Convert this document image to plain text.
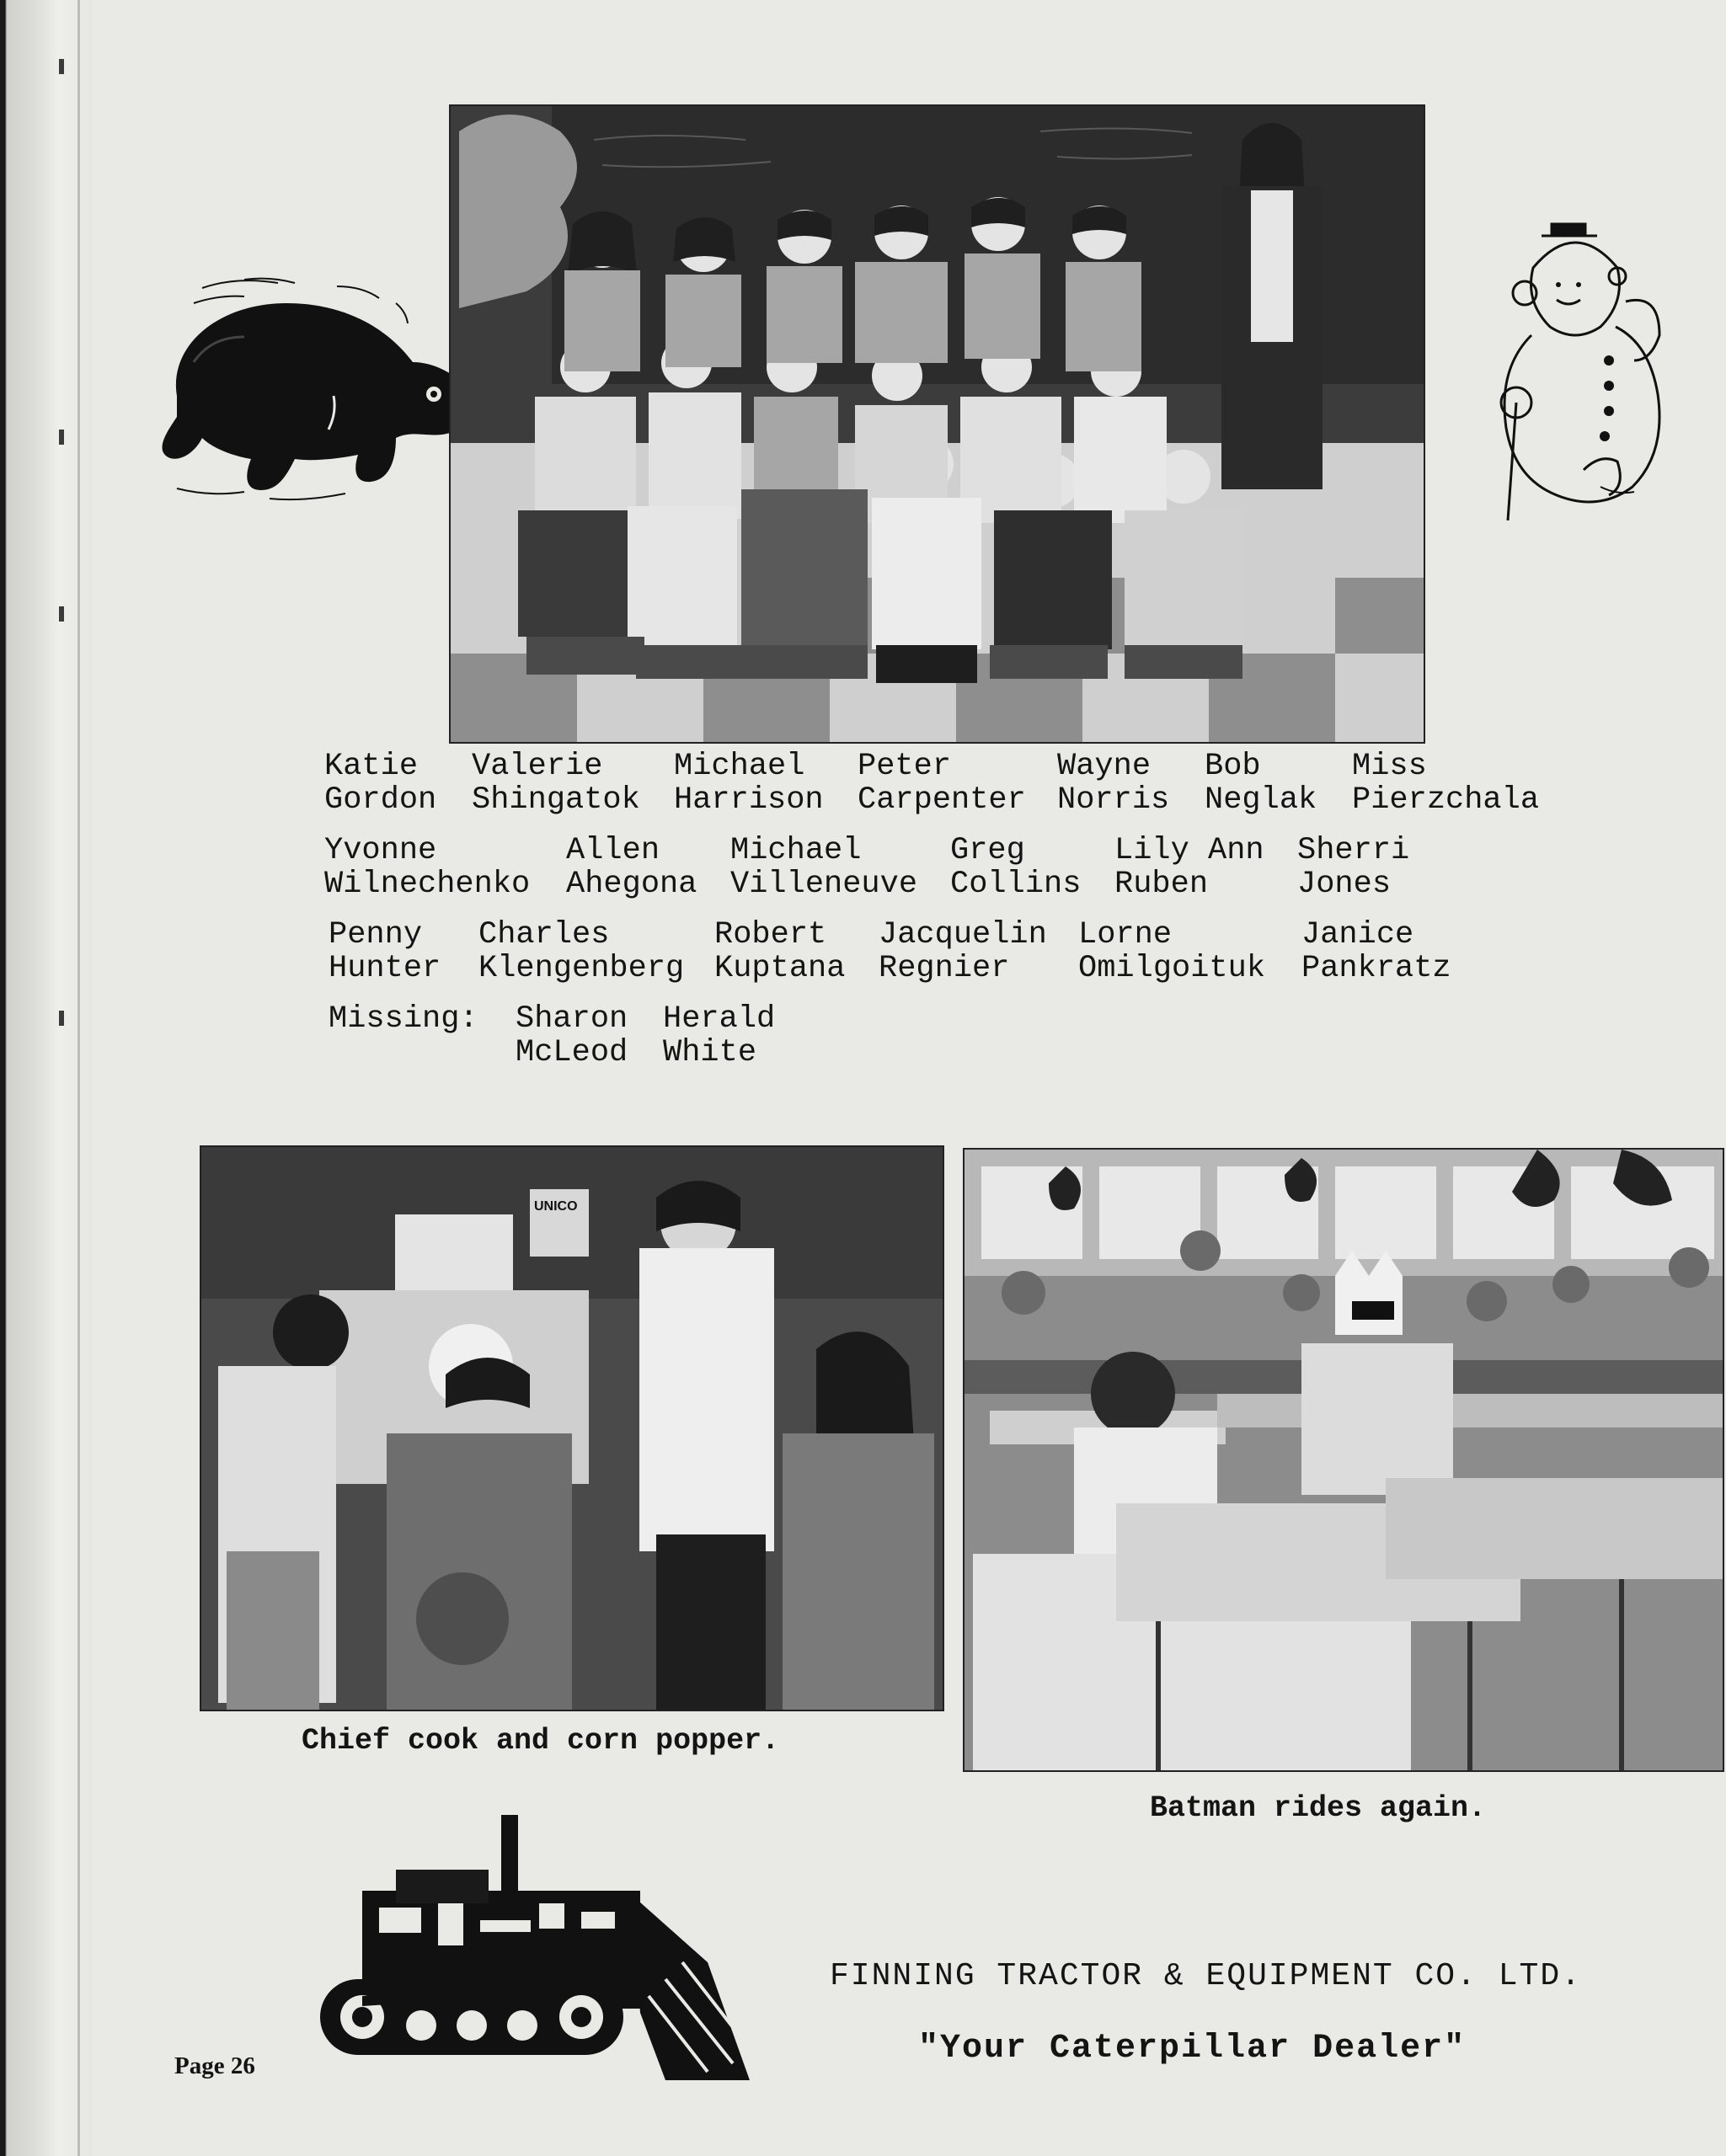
Katie
Gordon
Valerie
Shingatok
Michael
Harrison
Peter
Carpenter
Wayne
Norris
Bob
Neglak
Miss
Pierzchala
Yvonne
Wilnechenko
Allen
Ahegona
Michael
Villeneuve
Greg
Collins
Lily Ann
Ruben
Sherri
Jones
Penny
Hunter
Charles
Klengenberg
Robert
Kuptana
Jacquelin
Regnier
Lorne
Omilgoituk
Janice
Pankratz
Missing: Sharon
McLeod
Herald
White
UNICO
Chief cook and corn popper.
Batman rides again.
FINNING TRACTOR & EQUIPMENT CO. LTD.
"Your Caterpillar Dealer"
Page 26
